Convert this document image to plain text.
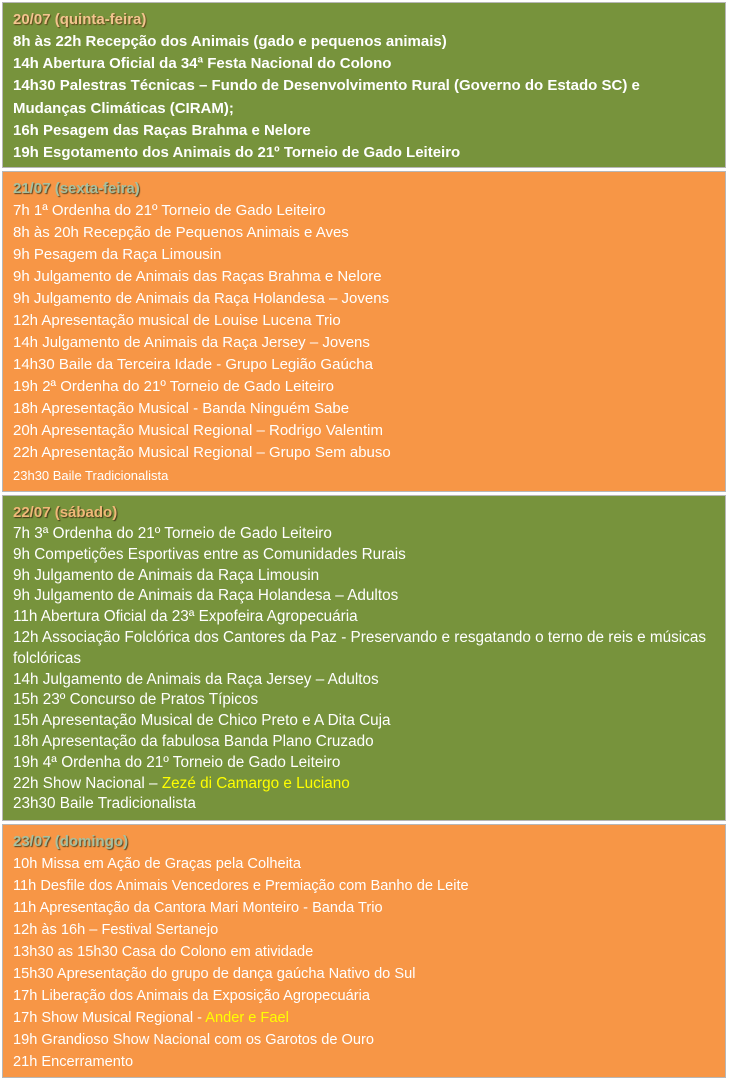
20/07 (quinta-feira)

8h às 22h Recepção dos Animais (gado e pequenos animais)

14h Abertura Oficial da 34ª Festa Nacional do Colono

14h30 Palestras Técnicas – Fundo de Desenvolvimento Rural (Governo do Estado SC) e Mudanças Climáticas (CIRAM);

16h Pesagem das Raças Brahma e Nelore

19h Esgotamento dos Animais do 21º Torneio de Gado Leiteiro

21/07 (sexta-feira)

7h 1ª Ordenha do 21º Torneio de Gado Leiteiro

8h às 20h Recepção de Pequenos Animais e Aves

9h Pesagem da Raça Limousin

9h Julgamento de Animais das Raças Brahma e Nelore

9h Julgamento de Animais da Raça Holandesa – Jovens

12h Apresentação musical de Louise Lucena Trio

14h Julgamento de Animais da Raça Jersey – Jovens

14h30 Baile da Terceira Idade - Grupo Legião Gaúcha

19h 2ª Ordenha do 21º Torneio de Gado Leiteiro

18h Apresentação Musical - Banda Ninguém Sabe

20h Apresentação Musical Regional – Rodrigo Valentim

22h Apresentação Musical Regional – Grupo Sem abuso

23h30 Baile Tradicionalista

22/07 (sábado)

7h 3ª Ordenha do 21º Torneio de Gado Leiteiro

9h Competições Esportivas entre as Comunidades Rurais

9h Julgamento de Animais da Raça Limousin

9h Julgamento de Animais da Raça Holandesa – Adultos

11h Abertura Oficial da 23ª Expofeira Agropecuária

12h Associação Folclórica dos Cantores da Paz - Preservando e resgatando o terno de reis e músicas folclóricas

14h Julgamento de Animais da Raça Jersey – Adultos

15h 23º Concurso de Pratos Típicos

15h Apresentação Musical de Chico Preto e A Dita Cuja

18h Apresentação da fabulosa Banda Plano Cruzado

19h 4ª Ordenha do 21º Torneio de Gado Leiteiro

22h Show Nacional – Zezé di Camargo e Luciano

23h30 Baile Tradicionalista

23/07 (domingo)

10h Missa em Ação de Graças pela Colheita

11h Desfile dos Animais Vencedores e Premiação com Banho de Leite

11h Apresentação da Cantora Mari Monteiro - Banda Trio

12h às 16h – Festival Sertanejo

13h30 as 15h30 Casa do Colono em atividade

15h30 Apresentação do grupo de dança gaúcha Nativo do Sul

17h Liberação dos Animais da Exposição Agropecuária

17h Show Musical Regional - Ander e Fael

19h Grandioso Show Nacional com os Garotos de Ouro

21h Encerramento
